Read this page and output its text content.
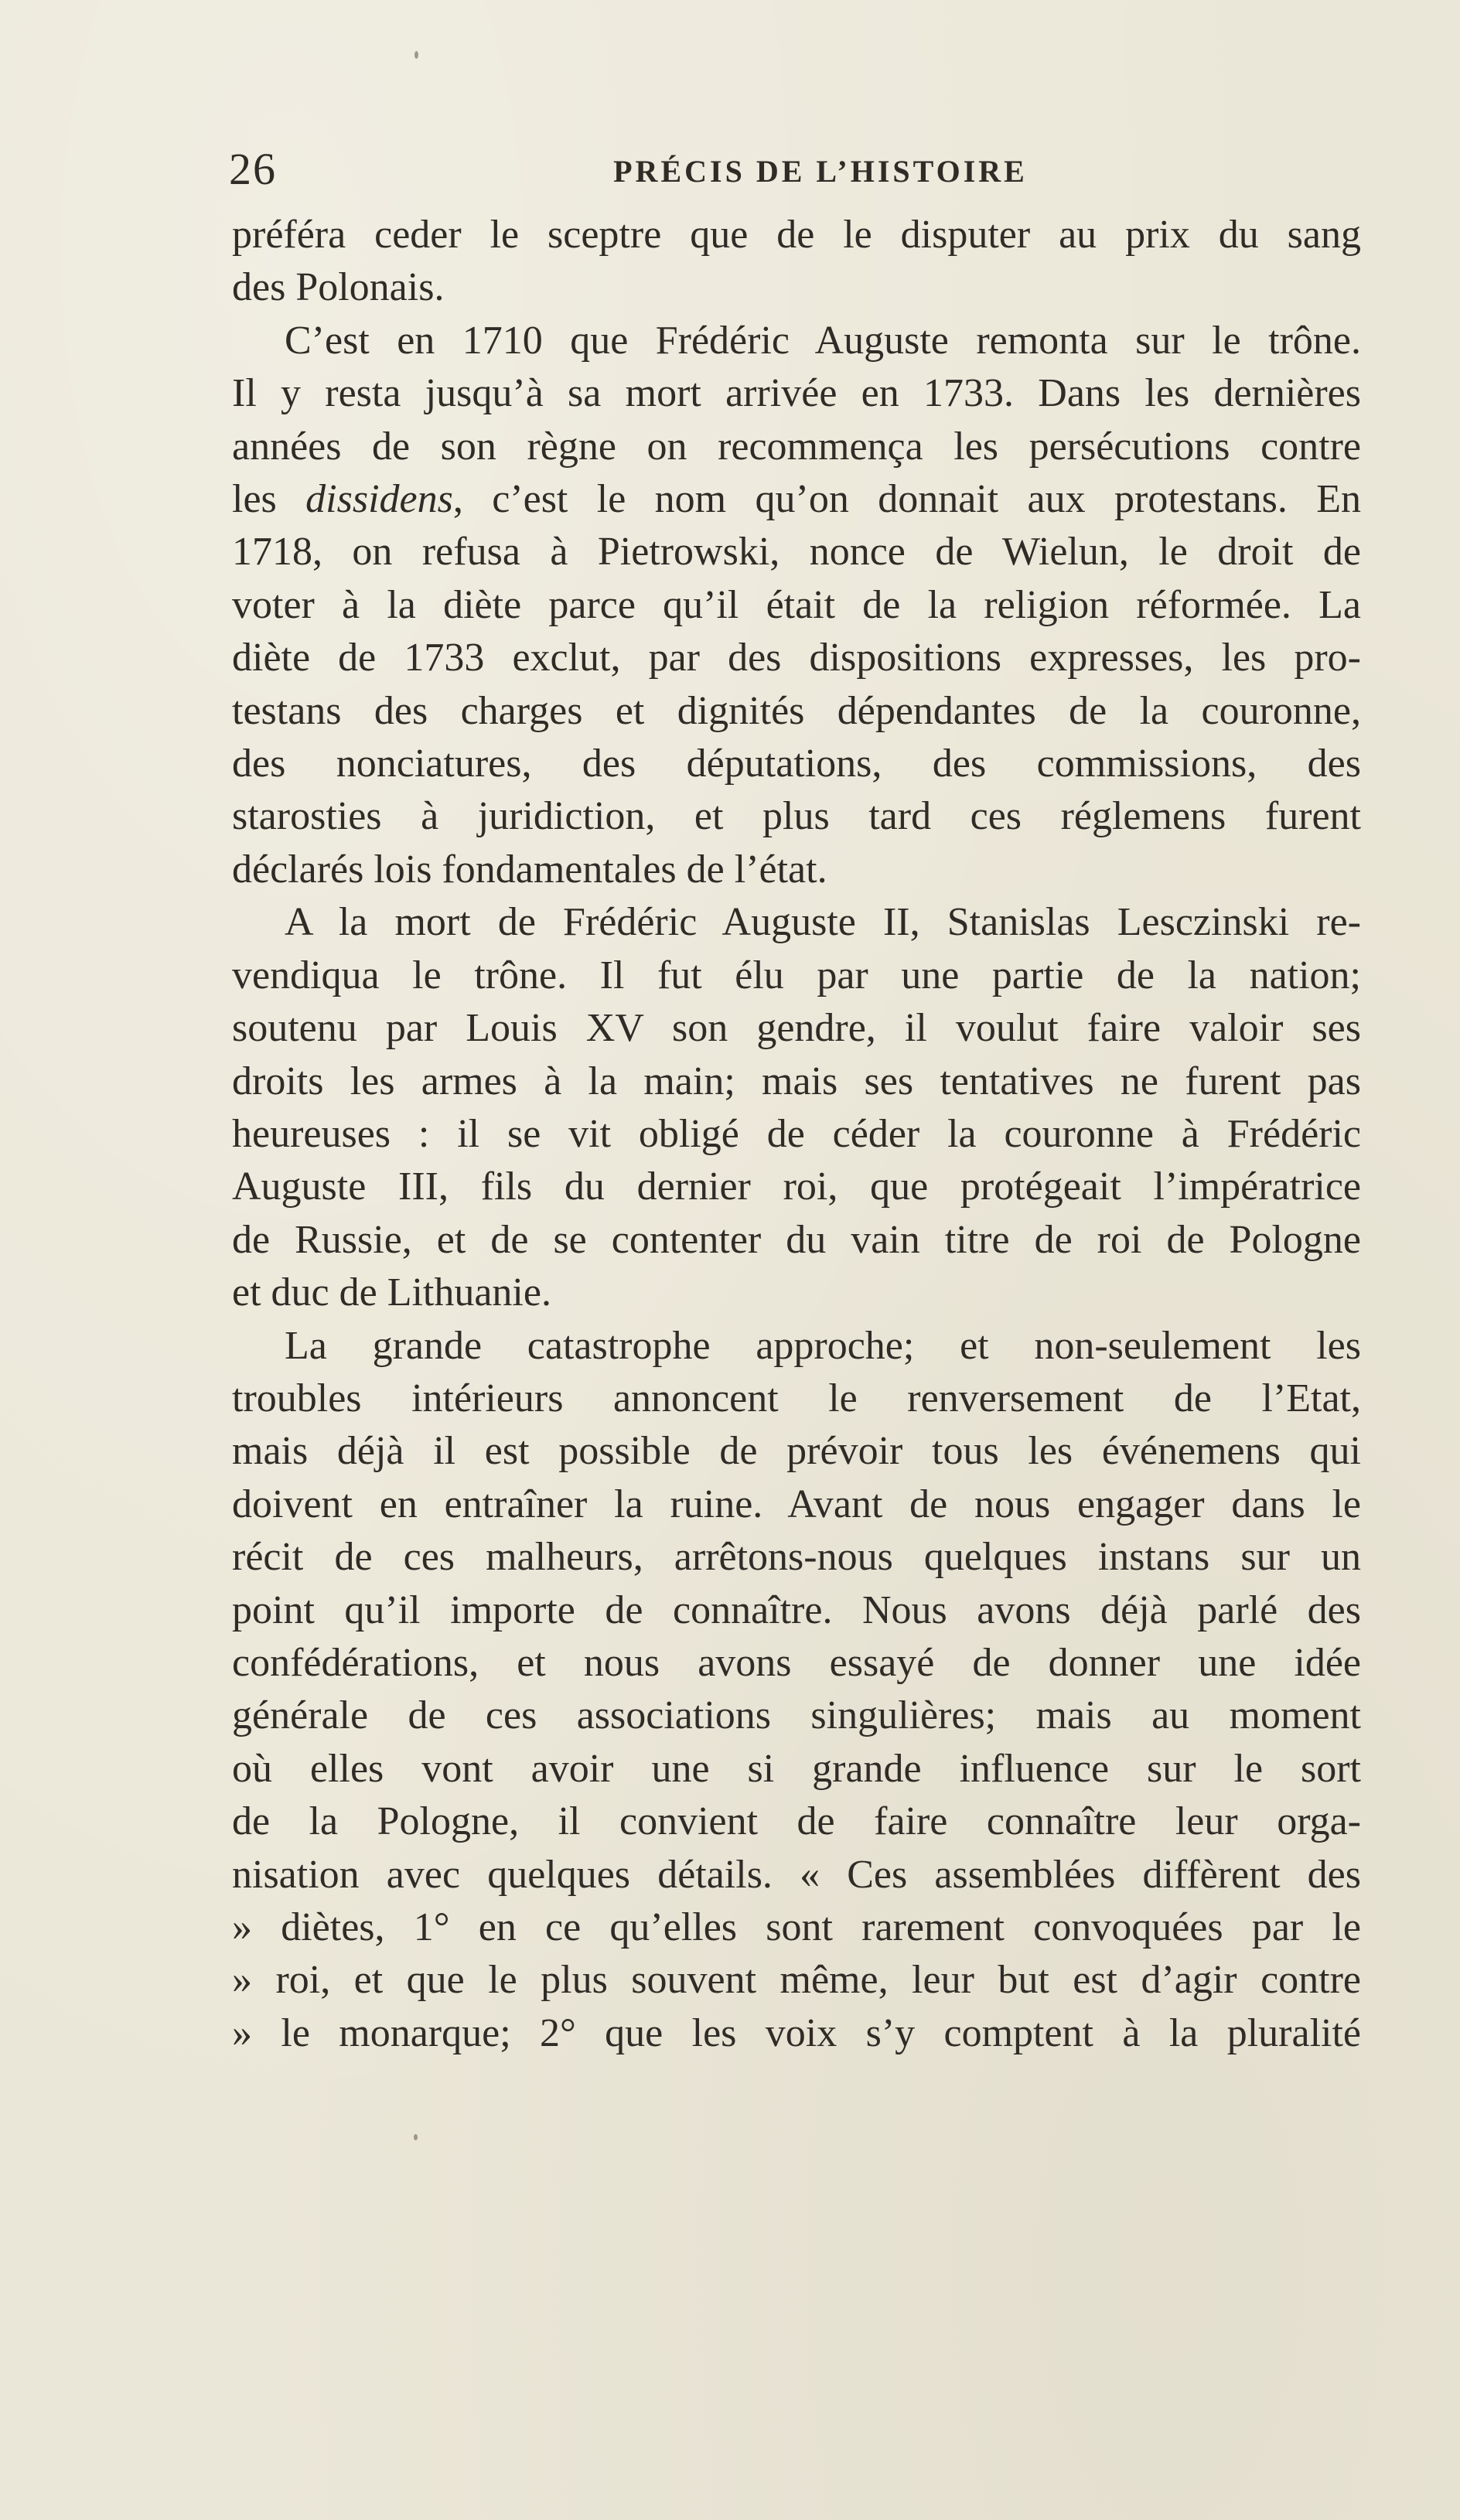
26	PRÉCIS DE L’HISTOIRE

préféra ceder le sceptre que de le disputer au prix du sang
des Polonais.

C’est en 1710 que Frédéric Auguste remonta sur le trône.
Il y resta jusqu’à sa mort arrivée en 1733. Dans les dernières
années de son règne on recommença les persécutions contre
les dissidens, c’est le nom qu’on donnait aux protestans. En
1718, on refusa à Pietrowski, nonce de Wielun, le droit de
voter à la diète parce qu’il était de la religion réformée. La
diète de 1733 exclut, par des dispositions expresses, les pro-
testans des charges et dignités dépendantes de la couronne,
des nonciatures, des députations, des commissions, des
starosties à juridiction, et plus tard ces réglemens furent
déclarés lois fondamentales de l’état.

A la mort de Frédéric Auguste II, Stanislas Lesczinski re-
vendiqua le trône. Il fut élu par une partie de la nation;
soutenu par Louis XV son gendre, il voulut faire valoir ses
droits les armes à la main; mais ses tentatives ne furent pas
heureuses : il se vit obligé de céder la couronne à Frédéric
Auguste III, fils du dernier roi, que protégeait l’impératrice
de Russie, et de se contenter du vain titre de roi de Pologne
et duc de Lithuanie.

La grande catastrophe approche; et non-seulement les
troubles intérieurs annoncent le renversement de l’Etat,
mais déjà il est possible de prévoir tous les événemens qui
doivent en entraîner la ruine. Avant de nous engager dans le
récit de ces malheurs, arrêtons-nous quelques instans sur un
point qu’il importe de connaître. Nous avons déjà parlé des
confédérations, et nous avons essayé de donner une idée
générale de ces associations singulières; mais au moment
où elles vont avoir une si grande influence sur le sort
de la Pologne, il convient de faire connaître leur orga-
nisation avec quelques détails. « Ces assemblées diffèrent des
» diètes, 1° en ce qu’elles sont rarement convoquées par le
» roi, et que le plus souvent même, leur but est d’agir contre
» le monarque; 2° que les voix s’y comptent à la pluralité
